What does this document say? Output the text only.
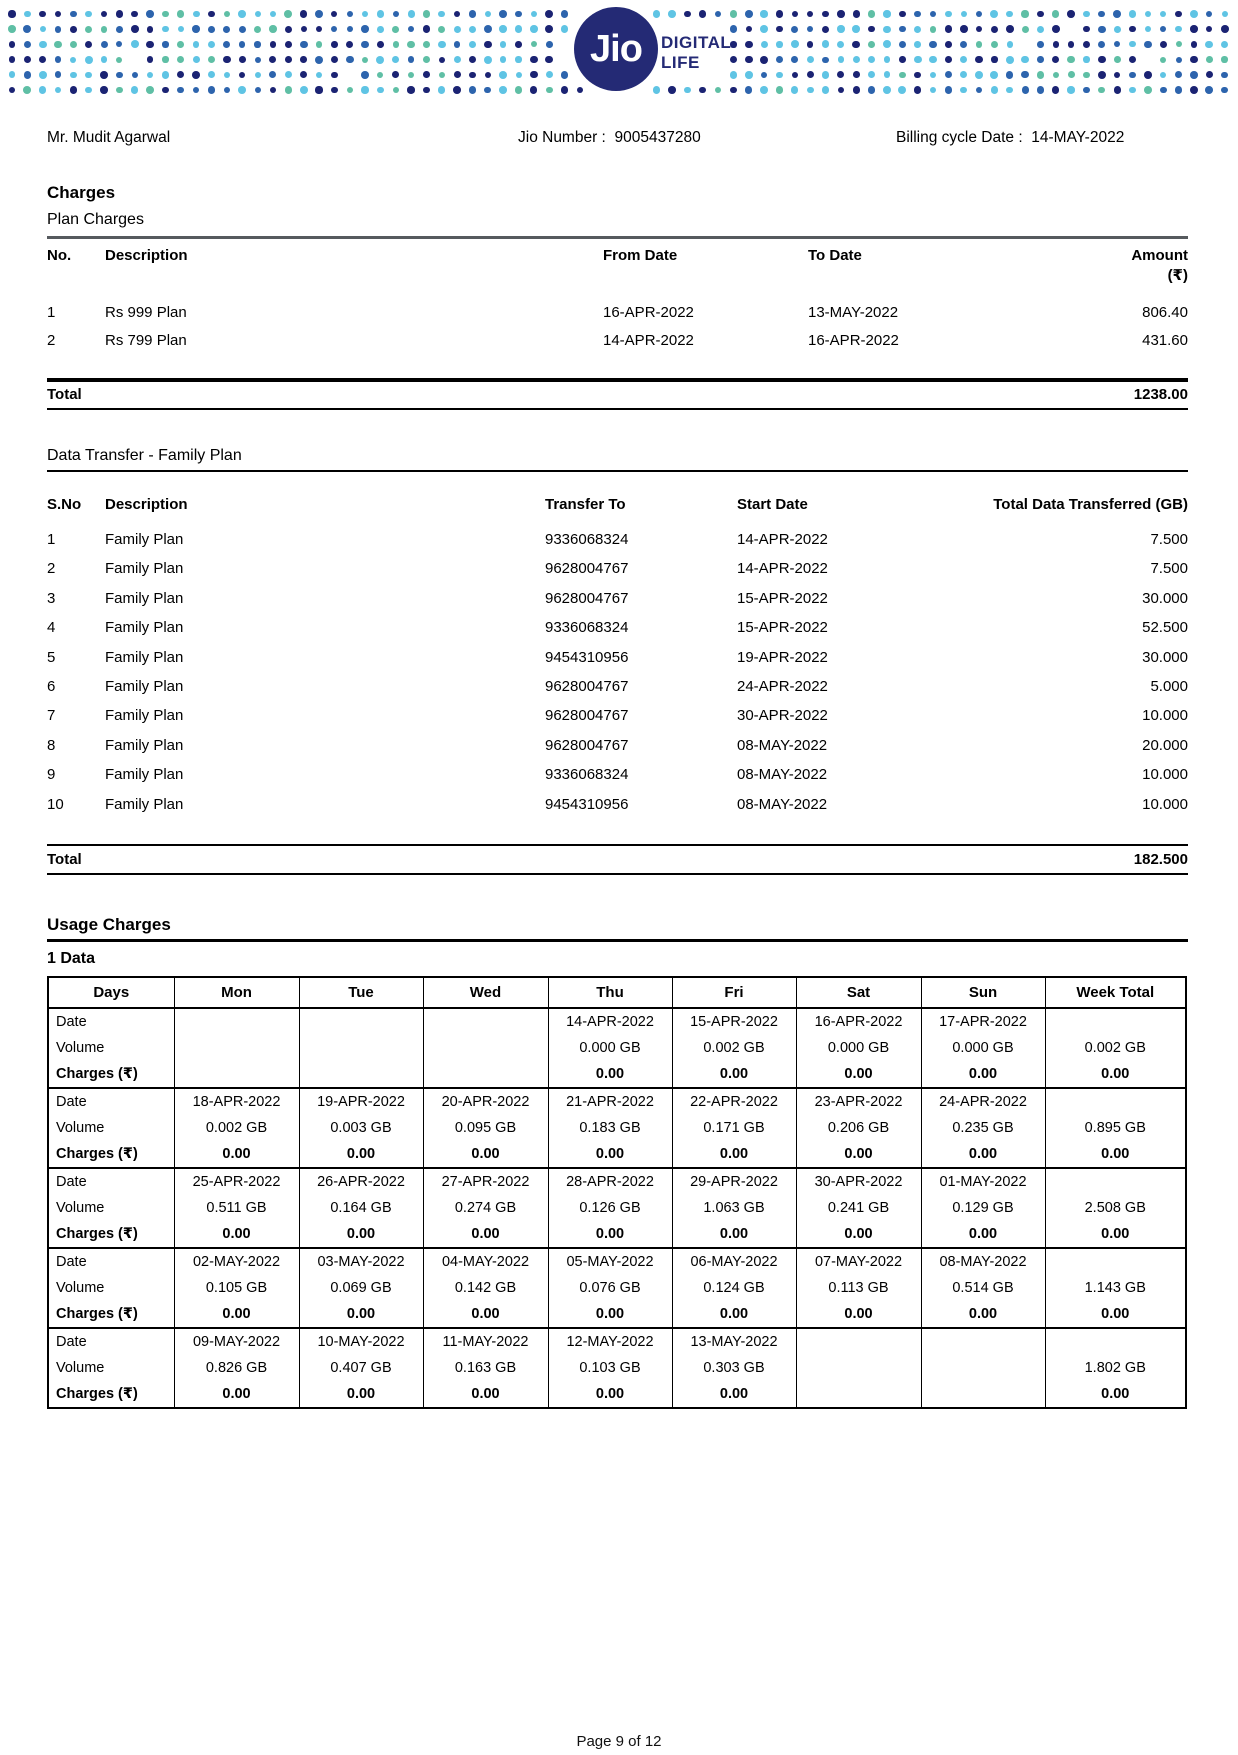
Jio DIGITAL
LIFE
Mr. Mudit Agarwal	Jio Number : 9005437280	Billing cycle Date : 14-MAY-2022
Charges
Plan Charges
No.	Description	From Date	To Date	Amount
(₹)
1	Rs 999 Plan	16-APR-2022	13-MAY-2022	806.40
2	Rs 799 Plan	14-APR-2022	16-APR-2022	431.60
Total	1238.00
Data Transfer - Family Plan
S.No	Description	Transfer To	Start Date	Total Data Transferred (GB)
1	Family Plan	9336068324	14-APR-2022	7.500
2	Family Plan	9628004767	14-APR-2022	7.500
3	Family Plan	9628004767	15-APR-2022	30.000
4	Family Plan	9336068324	15-APR-2022	52.500
5	Family Plan	9454310956	19-APR-2022	30.000
6	Family Plan	9628004767	24-APR-2022	5.000
7	Family Plan	9628004767	30-APR-2022	10.000
8	Family Plan	9628004767	08-MAY-2022	20.000
9	Family Plan	9336068324	08-MAY-2022	10.000
10	Family Plan	9454310956	08-MAY-2022	10.000
Total	182.500
Usage Charges
1 Data
Days	Mon	Tue	Wed	Thu	Fri	Sat	Sun	Week Total
Date				14-APR-2022	15-APR-2022	16-APR-2022	17-APR-2022	
Volume				0.000 GB	0.002 GB	0.000 GB	0.000 GB	0.002 GB
Charges (₹)				0.00	0.00	0.00	0.00	0.00
Date	18-APR-2022	19-APR-2022	20-APR-2022	21-APR-2022	22-APR-2022	23-APR-2022	24-APR-2022	
Volume	0.002 GB	0.003 GB	0.095 GB	0.183 GB	0.171 GB	0.206 GB	0.235 GB	0.895 GB
Charges (₹)	0.00	0.00	0.00	0.00	0.00	0.00	0.00	0.00
Date	25-APR-2022	26-APR-2022	27-APR-2022	28-APR-2022	29-APR-2022	30-APR-2022	01-MAY-2022	
Volume	0.511 GB	0.164 GB	0.274 GB	0.126 GB	1.063 GB	0.241 GB	0.129 GB	2.508 GB
Charges (₹)	0.00	0.00	0.00	0.00	0.00	0.00	0.00	0.00
Date	02-MAY-2022	03-MAY-2022	04-MAY-2022	05-MAY-2022	06-MAY-2022	07-MAY-2022	08-MAY-2022	
Volume	0.105 GB	0.069 GB	0.142 GB	0.076 GB	0.124 GB	0.113 GB	0.514 GB	1.143 GB
Charges (₹)	0.00	0.00	0.00	0.00	0.00	0.00	0.00	0.00
Date	09-MAY-2022	10-MAY-2022	11-MAY-2022	12-MAY-2022	13-MAY-2022			
Volume	0.826 GB	0.407 GB	0.163 GB	0.103 GB	0.303 GB			1.802 GB
Charges (₹)	0.00	0.00	0.00	0.00	0.00			0.00
Page 9 of 12
